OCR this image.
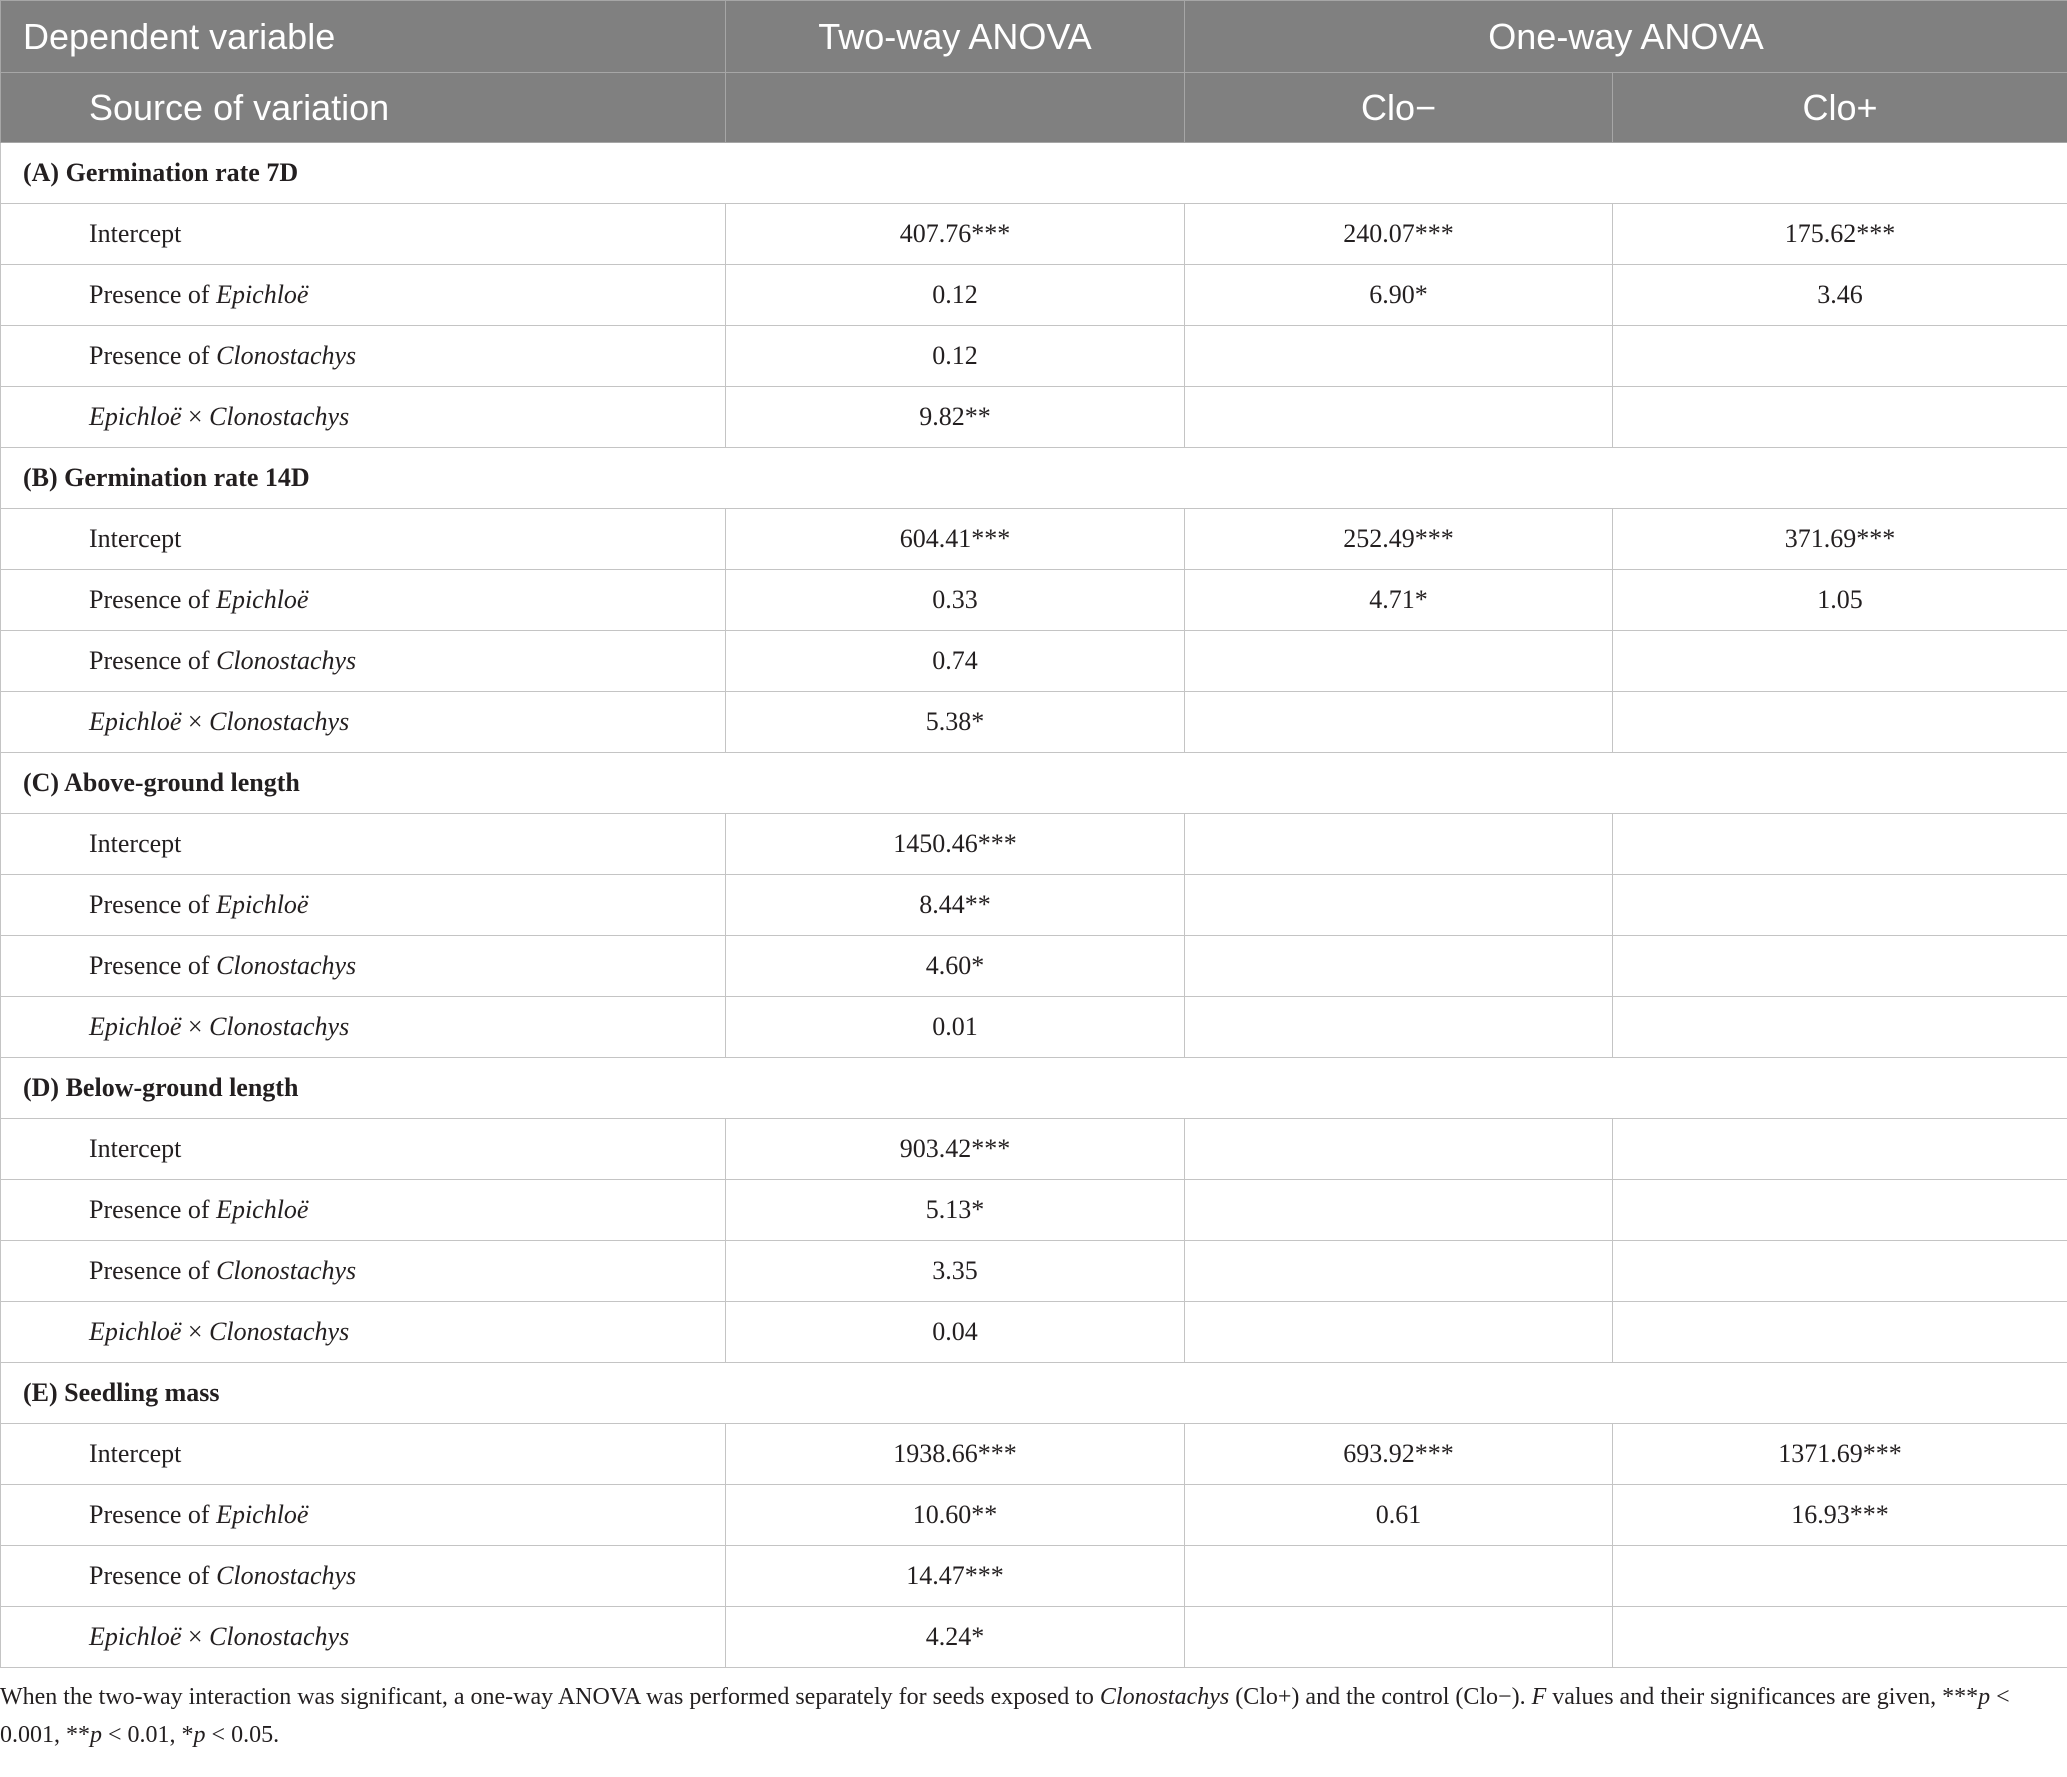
Dependent variable	Two-way ANOVA	One-way ANOVA	
Source of variation		Clo−	Clo+
(A) Germination rate 7D			
Intercept	407.76***	240.07***	175.62***
Presence of Epichloë	0.12	6.90*	3.46
Presence of Clonostachys	0.12		
Epichloë × Clonostachys	9.82**		
(B) Germination rate 14D			
Intercept	604.41***	252.49***	371.69***
Presence of Epichloë	0.33	4.71*	1.05
Presence of Clonostachys	0.74		
Epichloë × Clonostachys	5.38*		
(C) Above-ground length			
Intercept	1450.46***		
Presence of Epichloë	8.44**		
Presence of Clonostachys	4.60*		
Epichloë × Clonostachys	0.01		
(D) Below-ground length			
Intercept	903.42***		
Presence of Epichloë	5.13*		
Presence of Clonostachys	3.35		
Epichloë × Clonostachys	0.04		
(E) Seedling mass			
Intercept	1938.66***	693.92***	1371.69***
Presence of Epichloë	10.60**	0.61	16.93***
Presence of Clonostachys	14.47***		
Epichloë × Clonostachys	4.24*		

When the two-way interaction was significant, a one-way ANOVA was performed separately for seeds exposed to Clonostachys (Clo+) and the control (Clo−). F values and their significances are given, ***p < 0.001, **p < 0.01, *p < 0.05.
